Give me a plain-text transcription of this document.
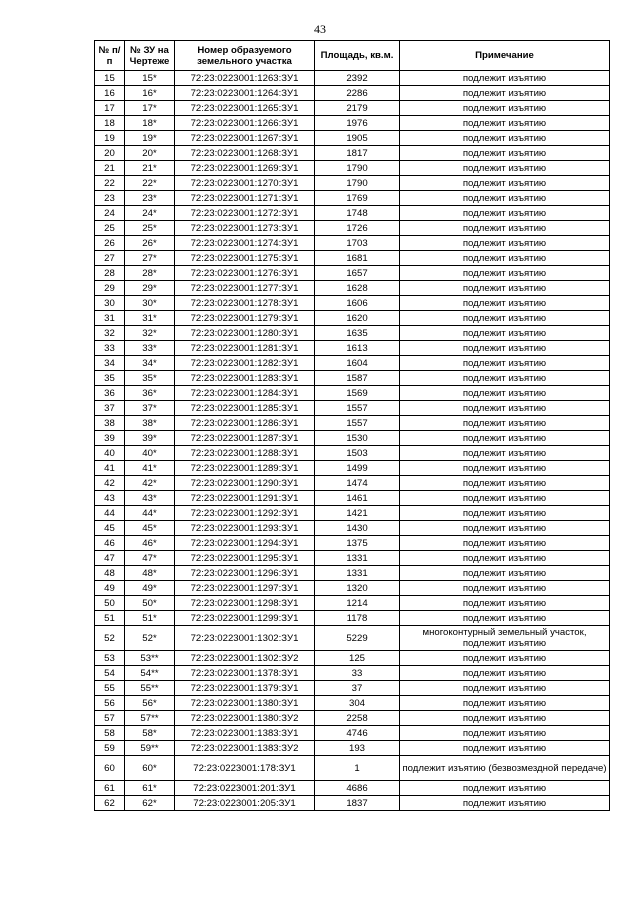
43
№ п/п	№ ЗУ на Чертеже	Номер образуемого земельного участка	Площадь, кв.м.	Примечание
15	15*	72:23:0223001:1263:ЗУ1	2392	подлежит изъятию
16	16*	72:23:0223001:1264:ЗУ1	2286	подлежит изъятию
17	17*	72:23:0223001:1265:ЗУ1	2179	подлежит изъятию
18	18*	72:23:0223001:1266:ЗУ1	1976	подлежит изъятию
19	19*	72:23:0223001:1267:ЗУ1	1905	подлежит изъятию
20	20*	72:23:0223001:1268:ЗУ1	1817	подлежит изъятию
21	21*	72:23:0223001:1269:ЗУ1	1790	подлежит изъятию
22	22*	72:23:0223001:1270:ЗУ1	1790	подлежит изъятию
23	23*	72:23:0223001:1271:ЗУ1	1769	подлежит изъятию
24	24*	72:23:0223001:1272:ЗУ1	1748	подлежит изъятию
25	25*	72:23:0223001:1273:ЗУ1	1726	подлежит изъятию
26	26*	72:23:0223001:1274:ЗУ1	1703	подлежит изъятию
27	27*	72:23:0223001:1275:ЗУ1	1681	подлежит изъятию
28	28*	72:23:0223001:1276:ЗУ1	1657	подлежит изъятию
29	29*	72:23:0223001:1277:ЗУ1	1628	подлежит изъятию
30	30*	72:23:0223001:1278:ЗУ1	1606	подлежит изъятию
31	31*	72:23:0223001:1279:ЗУ1	1620	подлежит изъятию
32	32*	72:23:0223001:1280:ЗУ1	1635	подлежит изъятию
33	33*	72:23:0223001:1281:ЗУ1	1613	подлежит изъятию
34	34*	72:23:0223001:1282:ЗУ1	1604	подлежит изъятию
35	35*	72:23:0223001:1283:ЗУ1	1587	подлежит изъятию
36	36*	72:23:0223001:1284:ЗУ1	1569	подлежит изъятию
37	37*	72:23:0223001:1285:ЗУ1	1557	подлежит изъятию
38	38*	72:23:0223001:1286:ЗУ1	1557	подлежит изъятию
39	39*	72:23:0223001:1287:ЗУ1	1530	подлежит изъятию
40	40*	72:23:0223001:1288:ЗУ1	1503	подлежит изъятию
41	41*	72:23:0223001:1289:ЗУ1	1499	подлежит изъятию
42	42*	72:23:0223001:1290:ЗУ1	1474	подлежит изъятию
43	43*	72:23:0223001:1291:ЗУ1	1461	подлежит изъятию
44	44*	72:23:0223001:1292:ЗУ1	1421	подлежит изъятию
45	45*	72:23:0223001:1293:ЗУ1	1430	подлежит изъятию
46	46*	72:23:0223001:1294:ЗУ1	1375	подлежит изъятию
47	47*	72:23:0223001:1295:ЗУ1	1331	подлежит изъятию
48	48*	72:23:0223001:1296:ЗУ1	1331	подлежит изъятию
49	49*	72:23:0223001:1297:ЗУ1	1320	подлежит изъятию
50	50*	72:23:0223001:1298:ЗУ1	1214	подлежит изъятию
51	51*	72:23:0223001:1299:ЗУ1	1178	подлежит изъятию
52	52*	72:23:0223001:1302:ЗУ1	5229	многоконтурный земельный участок, подлежит изъятию
53	53**	72:23:0223001:1302:ЗУ2	125	подлежит изъятию
54	54**	72:23:0223001:1378:ЗУ1	33	подлежит изъятию
55	55**	72:23:0223001:1379:ЗУ1	37	подлежит изъятию
56	56*	72:23:0223001:1380:ЗУ1	304	подлежит изъятию
57	57**	72:23:0223001:1380:ЗУ2	2258	подлежит изъятию
58	58*	72:23:0223001:1383:ЗУ1	4746	подлежит изъятию
59	59**	72:23:0223001:1383:ЗУ2	193	подлежит изъятию
60	60*	72:23:0223001:178:ЗУ1	1	подлежит изъятию (безвозмездной передаче)
61	61*	72:23:0223001:201:ЗУ1	4686	подлежит изъятию
62	62*	72:23:0223001:205:ЗУ1	1837	подлежит изъятию
